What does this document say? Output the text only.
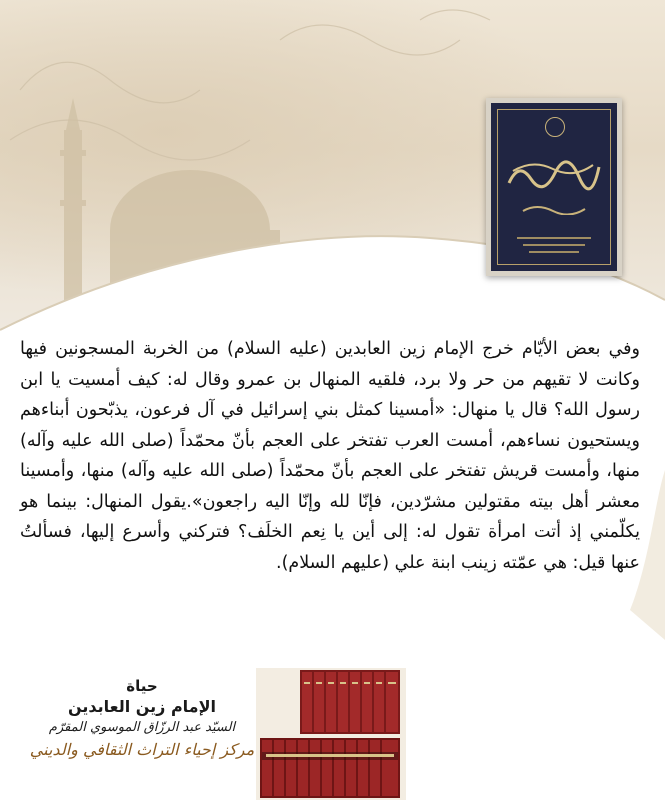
وفي بعض الأيّام خرج الإمام زين العابدين (عليه السلام) من الخربة المسجونين فيها وكانت لا تقيهم من حر ولا برد، فلقيه المنهال بن عمرو وقال له: كيف أمسيت يا ابن رسول الله؟ قال يا منهال: «أمسينا كمثل بني إسرائيل في آل فرعون، يذبّحون أبناءهم ويستحيون نساءهم، أمست العرب تفتخر على العجم بأنّ محمّداً (صلى الله عليه وآله) منها، وأمست قريش تفتخر على العجم بأنّ محمّداً (صلى الله عليه وآله) منها، وأمسينا معشر أهل بيته مقتولين مشرّدين، فإنّا لله وإنّا اليه راجعون».يقول المنهال: بينما هو يكلّمني إذ أتت امرأة تقول له: إلى أين يا نِعم الخلَف؟ فتركني وأسرع إليها، فسألتُ عنها قيل: هي عمّته زينب ابنة علي (عليهم السلام).

حياة
الإمام زين العابدين
السيّد عبد الرزّاق الموسوي المقرّم
مركز إحياء التراث الثقافي والديني
